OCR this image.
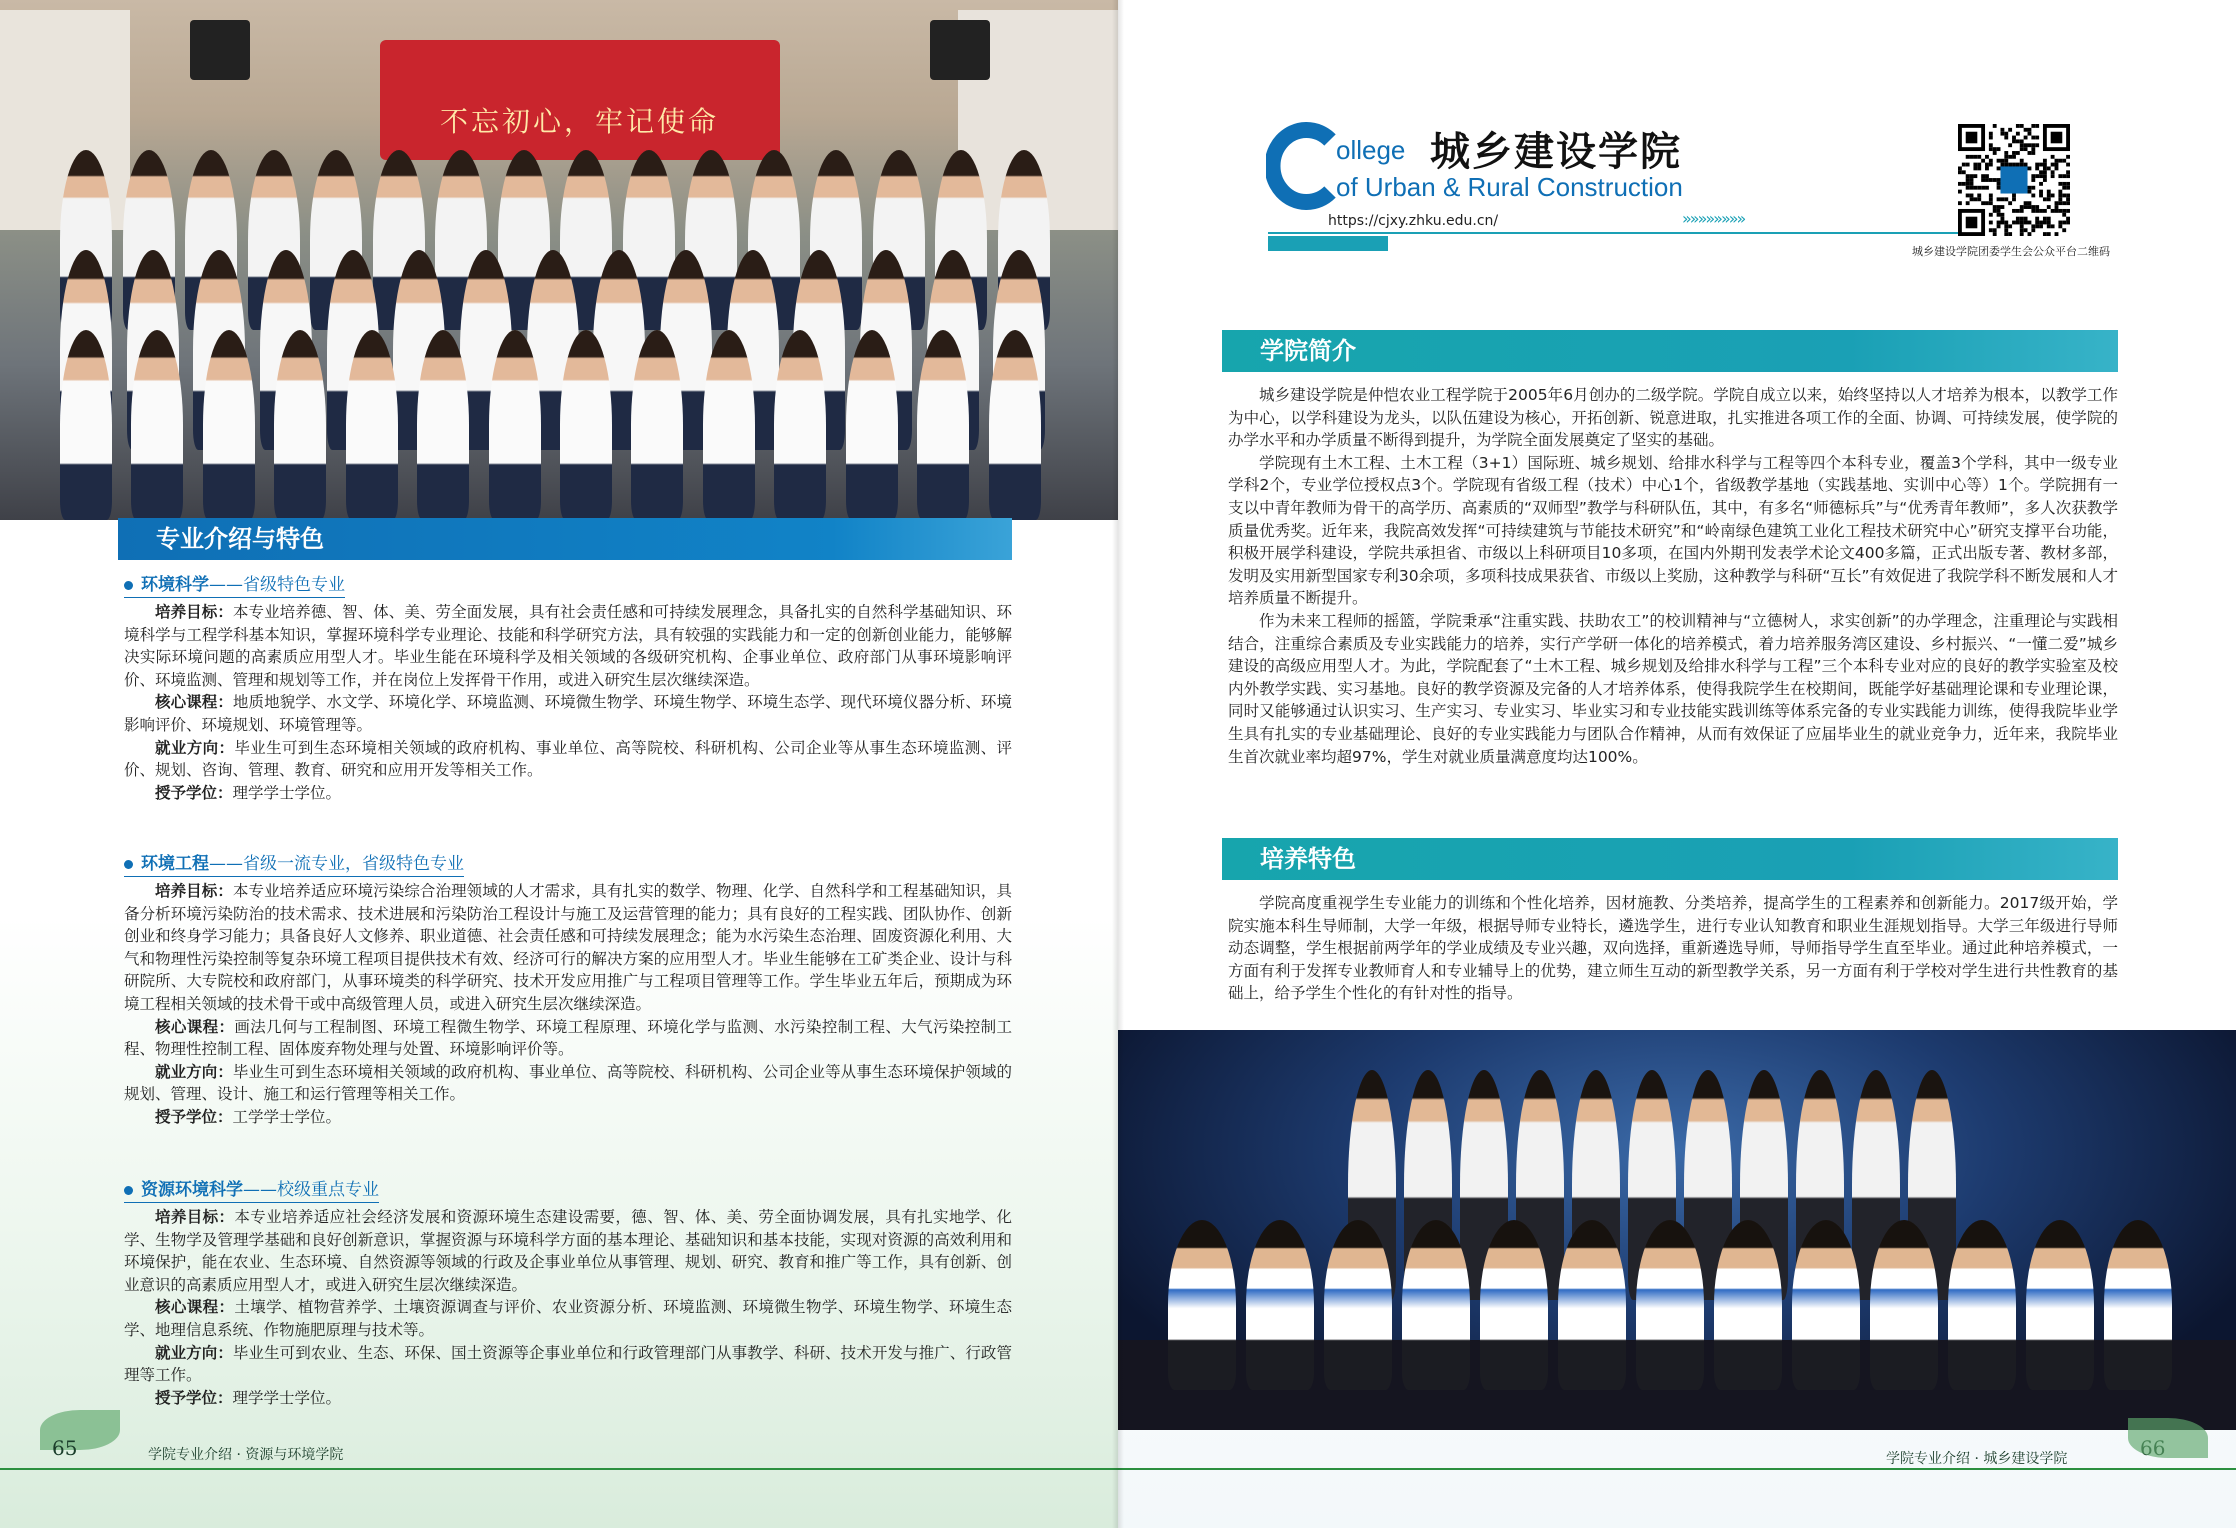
不忘初心，牢记使命
专业介绍与特色
环境科学——省级特色专业

培养目标：本专业培养德、智、体、美、劳全面发展，具有社会责任感和可持续发展理念，具备扎实的自然科学基础知识、环境科学与工程学科基本知识，掌握环境科学专业理论、技能和科学研究方法，具有较强的实践能力和一定的创新创业能力，能够解决实际环境问题的高素质应用型人才。毕业生能在环境科学及相关领域的各级研究机构、企事业单位、政府部门从事环境影响评价、环境监测、管理和规划等工作，并在岗位上发挥骨干作用，或进入研究生层次继续深造。

核心课程：地质地貌学、水文学、环境化学、环境监测、环境微生物学、环境生物学、环境生态学、现代环境仪器分析、环境影响评价、环境规划、环境管理等。

就业方向：毕业生可到生态环境相关领域的政府机构、事业单位、高等院校、科研机构、公司企业等从事生态环境监测、评价、规划、咨询、管理、教育、研究和应用开发等相关工作。

授予学位：理学学士学位。

环境工程——省级一流专业，省级特色专业

培养目标：本专业培养适应环境污染综合治理领域的人才需求，具有扎实的数学、物理、化学、自然科学和工程基础知识，具备分析环境污染防治的技术需求、技术进展和污染防治工程设计与施工及运营管理的能力；具有良好的工程实践、团队协作、创新创业和终身学习能力；具备良好人文修养、职业道德、社会责任感和可持续发展理念；能为水污染生态治理、固废资源化利用、大气和物理性污染控制等复杂环境工程项目提供技术有效、经济可行的解决方案的应用型人才。毕业生能够在工矿类企业、设计与科研院所、大专院校和政府部门，从事环境类的科学研究、技术开发应用推广与工程项目管理等工作。学生毕业五年后，预期成为环境工程相关领域的技术骨干或中高级管理人员，或进入研究生层次继续深造。

核心课程：画法几何与工程制图、环境工程微生物学、环境工程原理、环境化学与监测、水污染控制工程、大气污染控制工程、物理性控制工程、固体废弃物处理与处置、环境影响评价等。

就业方向：毕业生可到生态环境相关领域的政府机构、事业单位、高等院校、科研机构、公司企业等从事生态环境保护领域的规划、管理、设计、施工和运行管理等相关工作。

授予学位：工学学士学位。

资源环境科学——校级重点专业

培养目标：本专业培养适应社会经济发展和资源环境生态建设需要，德、智、体、美、劳全面协调发展，具有扎实地学、化学、生物学及管理学基础和良好创新意识，掌握资源与环境科学方面的基本理论、基础知识和基本技能，实现对资源的高效利用和环境保护，能在农业、生态环境、自然资源等领域的行政及企事业单位从事管理、规划、研究、教育和推广等工作，具有创新、创业意识的高素质应用型人才，或进入研究生层次继续深造。

核心课程：土壤学、植物营养学、土壤资源调查与评价、农业资源分析、环境监测、环境微生物学、环境生物学、环境生态学、地理信息系统、作物施肥原理与技术等。

就业方向：毕业生可到农业、生态、环保、国土资源等企事业单位和行政管理部门从事教学、科研、技术开发与推广、行政管理等工作。

授予学位：理学学士学位。

65	学院专业介绍 · 资源与环境学院
ollege 城乡建设学院
of Urban & Rural Construction
https://cjxy.zhku.edu.cn/	»»»»»»»»
城乡建设学院团委学生会公众平台二维码
学院简介

城乡建设学院是仲恺农业工程学院于2005年6月创办的二级学院。学院自成立以来，始终坚持以人才培养为根本，以教学工作为中心，以学科建设为龙头，以队伍建设为核心，开拓创新、锐意进取，扎实推进各项工作的全面、协调、可持续发展，使学院的办学水平和办学质量不断得到提升，为学院全面发展奠定了坚实的基础。

学院现有土木工程、土木工程（3+1）国际班、城乡规划、给排水科学与工程等四个本科专业，覆盖3个学科，其中一级专业学科2个，专业学位授权点3个。学院现有省级工程（技术）中心1个，省级教学基地（实践基地、实训中心等）1个。学院拥有一支以中青年教师为骨干的高学历、高素质的“双师型”教学与科研队伍，其中，有多名“师德标兵”与“优秀青年教师”，多人次获教学质量优秀奖。近年来，我院高效发挥“可持续建筑与节能技术研究”和“岭南绿色建筑工业化工程技术研究中心”研究支撑平台功能，积极开展学科建设，学院共承担省、市级以上科研项目10多项，在国内外期刊发表学术论文400多篇，正式出版专著、教材多部，发明及实用新型国家专利30余项，多项科技成果获省、市级以上奖励，这种教学与科研“互长”有效促进了我院学科不断发展和人才培养质量不断提升。

作为未来工程师的摇篮，学院秉承“注重实践、扶助农工”的校训精神与“立德树人，求实创新”的办学理念，注重理论与实践相结合，注重综合素质及专业实践能力的培养，实行产学研一体化的培养模式，着力培养服务湾区建设、乡村振兴、“一懂二爱”城乡建设的高级应用型人才。为此，学院配套了“土木工程、城乡规划及给排水科学与工程”三个本科专业对应的良好的教学实验室及校内外教学实践、实习基地。良好的教学资源及完备的人才培养体系，使得我院学生在校期间，既能学好基础理论课和专业理论课，同时又能够通过认识实习、生产实习、专业实习、毕业实习和专业技能实践训练等体系完备的专业实践能力训练，使得我院毕业学生具有扎实的专业基础理论、良好的专业实践能力与团队合作精神，从而有效保证了应届毕业生的就业竞争力，近年来，我院毕业生首次就业率均超97%，学生对就业质量满意度均达100%。

培养特色

学院高度重视学生专业能力的训练和个性化培养，因材施教、分类培养，提高学生的工程素养和创新能力。2017级开始，学院实施本科生导师制，大学一年级，根据导师专业特长，遴选学生，进行专业认知教育和职业生涯规划指导。大学三年级进行导师动态调整，学生根据前两学年的学业成绩及专业兴趣，双向选择，重新遴选导师，导师指导学生直至毕业。通过此种培养模式，一方面有利于发挥专业教师育人和专业辅导上的优势，建立师生互动的新型教学关系，另一方面有利于学校对学生进行共性教育的基础上，给予学生个性化的有针对性的指导。

学院专业介绍 · 城乡建设学院
